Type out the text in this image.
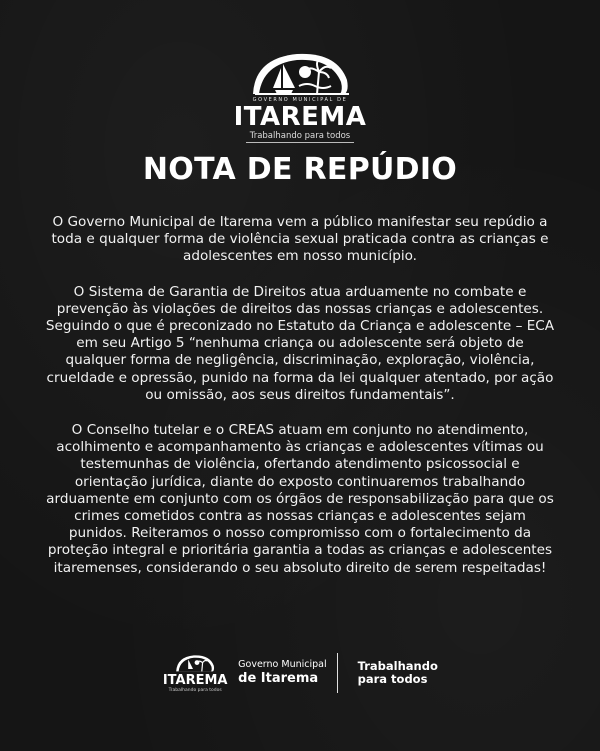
GOVERNO MUNICIPAL DE
ITAREMA
Trabalhando para todos
NOTA DE REPÚDIO

O Governo Municipal de Itarema vem a público manifestar seu repúdio a toda e qualquer forma de violência sexual praticada contra as crianças e adolescentes em nosso município.

O Sistema de Garantia de Direitos atua arduamente no combate e prevenção às violações de direitos das nossas crianças e adolescentes. Seguindo o que é preconizado no Estatuto da Criança e adolescente – ECA em seu Artigo 5 “nenhuma criança ou adolescente será objeto de qualquer forma de negligência, discriminação, exploração, violência, crueldade e opressão, punido na forma da lei qualquer atentado, por ação ou omissão, aos seus direitos fundamentais”.

O Conselho tutelar e o CREAS atuam em conjunto no atendimento, acolhimento e acompanhamento às crianças e adolescentes vítimas ou testemunhas de violência, ofertando atendimento psicossocial e orientação jurídica, diante do exposto continuaremos trabalhando arduamente em conjunto com os órgãos de responsabilização para que os crimes cometidos contra as nossas crianças e adolescentes sejam punidos. Reiteramos o nosso compromisso com o fortalecimento da proteção integral e prioritária garantia a todas as crianças e adolescentes itaremenses, considerando o seu absoluto direito de serem respeitadas!

ITAREMA
Trabalhando para todos
Governo Municipal
de Itarema
Trabalhando
para todos
